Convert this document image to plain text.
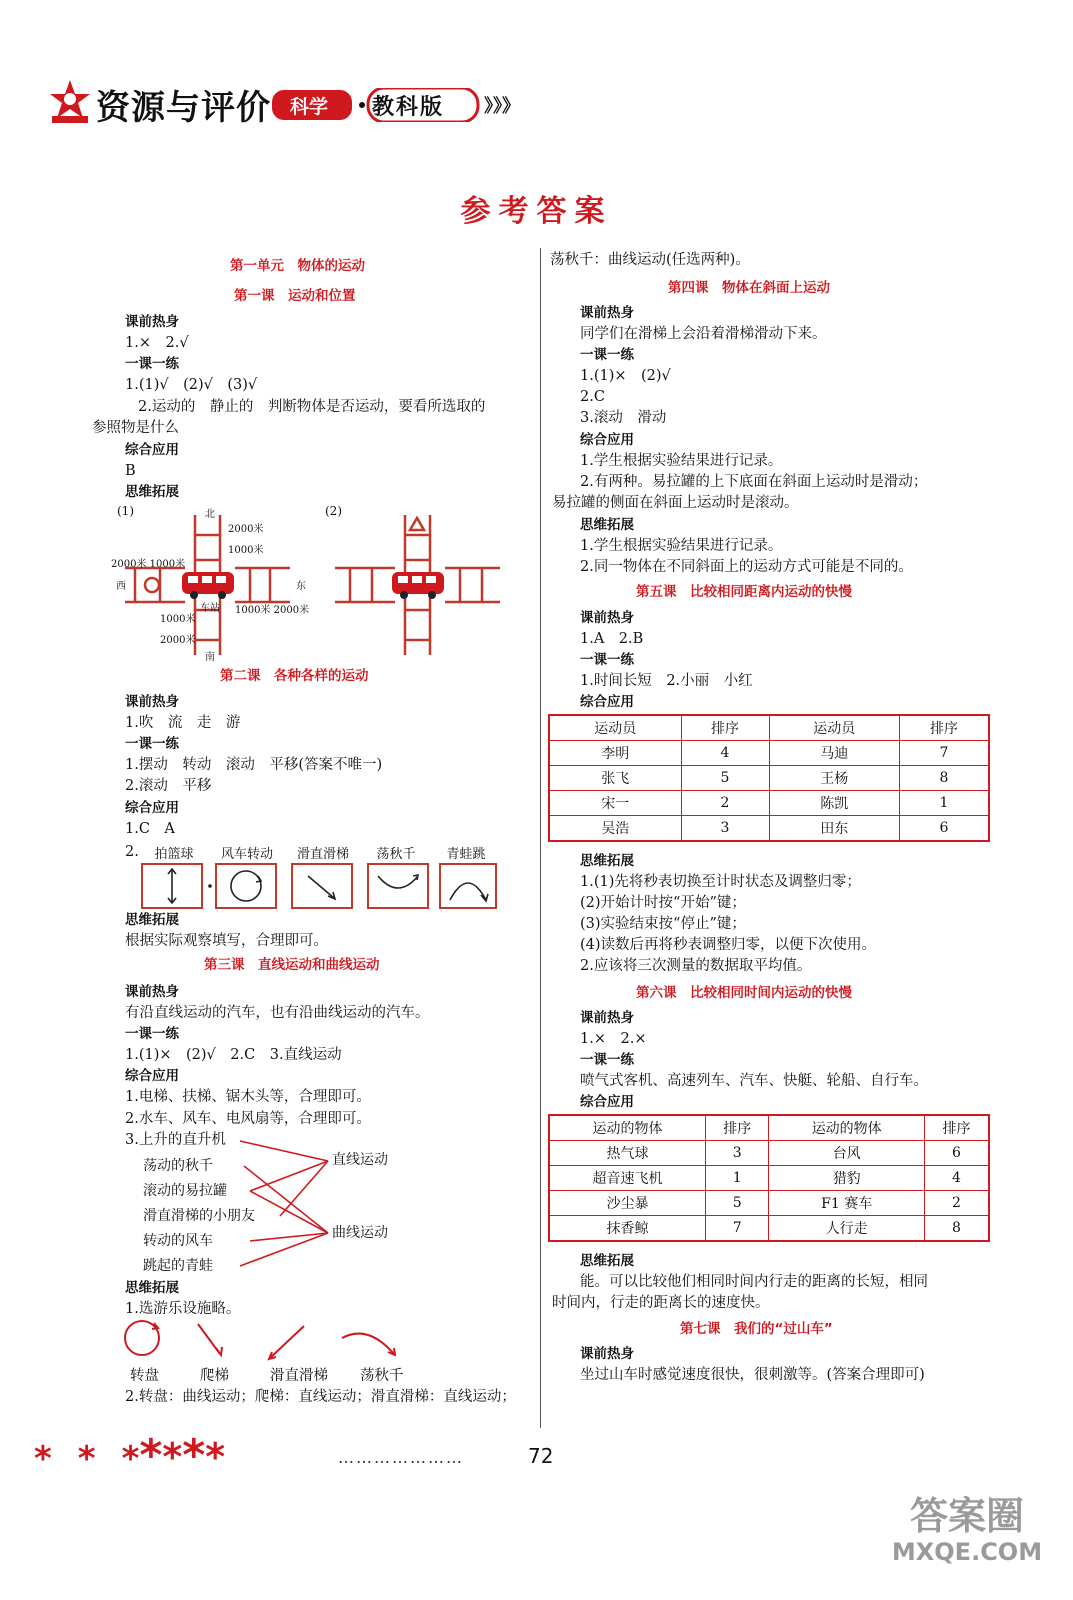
资源与评价 科学 教科版 》》》
参考答案
第一单元　物体的运动
第一课　运动和位置
课前热身
1.×　2.√
一课一练
1.(1)√　(2)√　(3)√
2.运动的　静止的　判断物体是否运动，要看所选取的
参照物是什么
综合应用
B
思维拓展
(1)	(2)
北
2000米
1000米
2000米 1000米
西	东
车站 1000米 2000米
1000米
2000米
南
第二课　各种各样的运动
课前热身
1.吹　流　走　游
一课一练
1.摆动　转动　滚动　平移(答案不唯一)
2.滚动　平移
综合应用
1.C　A
2.	拍篮球	风车转动	滑直滑梯	荡秋千	青蛙跳
思维拓展
根据实际观察填写，合理即可。
第三课　直线运动和曲线运动
课前热身
有沿直线运动的汽车，也有沿曲线运动的汽车。
一课一练
1.(1)×　(2)√　2.C　3.直线运动
综合应用
1.电梯、扶梯、锯木头等，合理即可。
2.水车、风车、电风扇等，合理即可。
3.上升的直升机
荡动的秋千
滚动的易拉罐
滑直滑梯的小朋友
转动的风车
跳起的青蛙
直线运动
曲线运动
思维拓展
1.选游乐设施略。
转盘	爬梯	滑直滑梯 荡秋千
2.转盘：曲线运动；爬梯：直线运动；滑直滑梯：直线运动；
荡秋千：曲线运动(任选两种)。
第四课　物体在斜面上运动
课前热身
同学们在滑梯上会沿着滑梯滑动下来。
一课一练
1.(1)×　(2)√
2.C
3.滚动　滑动
综合应用
1.学生根据实验结果进行记录。
2.有两种。易拉罐的上下底面在斜面上运动时是滑动；
易拉罐的侧面在斜面上运动时是滚动。
思维拓展
1.学生根据实验结果进行记录。
2.同一物体在不同斜面上的运动方式可能是不同的。
第五课　比较相同距离内运动的快慢
课前热身
1.A　2.B
一课一练
1.时间长短　2.小丽　小红
综合应用
运动员	排序	运动员	排序
李明	4	马迪	7
张飞	5	王杨	8
宋一	2	陈凯	1
吴浩	3	田东	6
思维拓展
1.(1)先将秒表切换至计时状态及调整归零；
(2)开始计时按“开始”键；
(3)实验结束按“停止”键；
(4)读数后再将秒表调整归零，以便下次使用。
2.应该将三次测量的数据取平均值。
第六课　比较相同时间内运动的快慢
课前热身
1.×　2.×
一课一练
喷气式客机、高速列车、汽车、快艇、轮船、自行车。
综合应用
运动的物体	排序	运动的物体	排序
热气球	3	台风	6
超音速飞机	1	猎豹	4
沙尘暴	5	F1 赛车	2
抹香鲸	7	人行走	8
思维拓展
能。可以比较他们相同时间内行走的距离的长短，相同
时间内，行走的距离长的速度快。
第七课　我们的“过山车”
课前热身
坐过山车时感觉速度很快，很刺激等。(答案合理即可)
* * *****	…………………	72
答案圈
MXQE.COM
